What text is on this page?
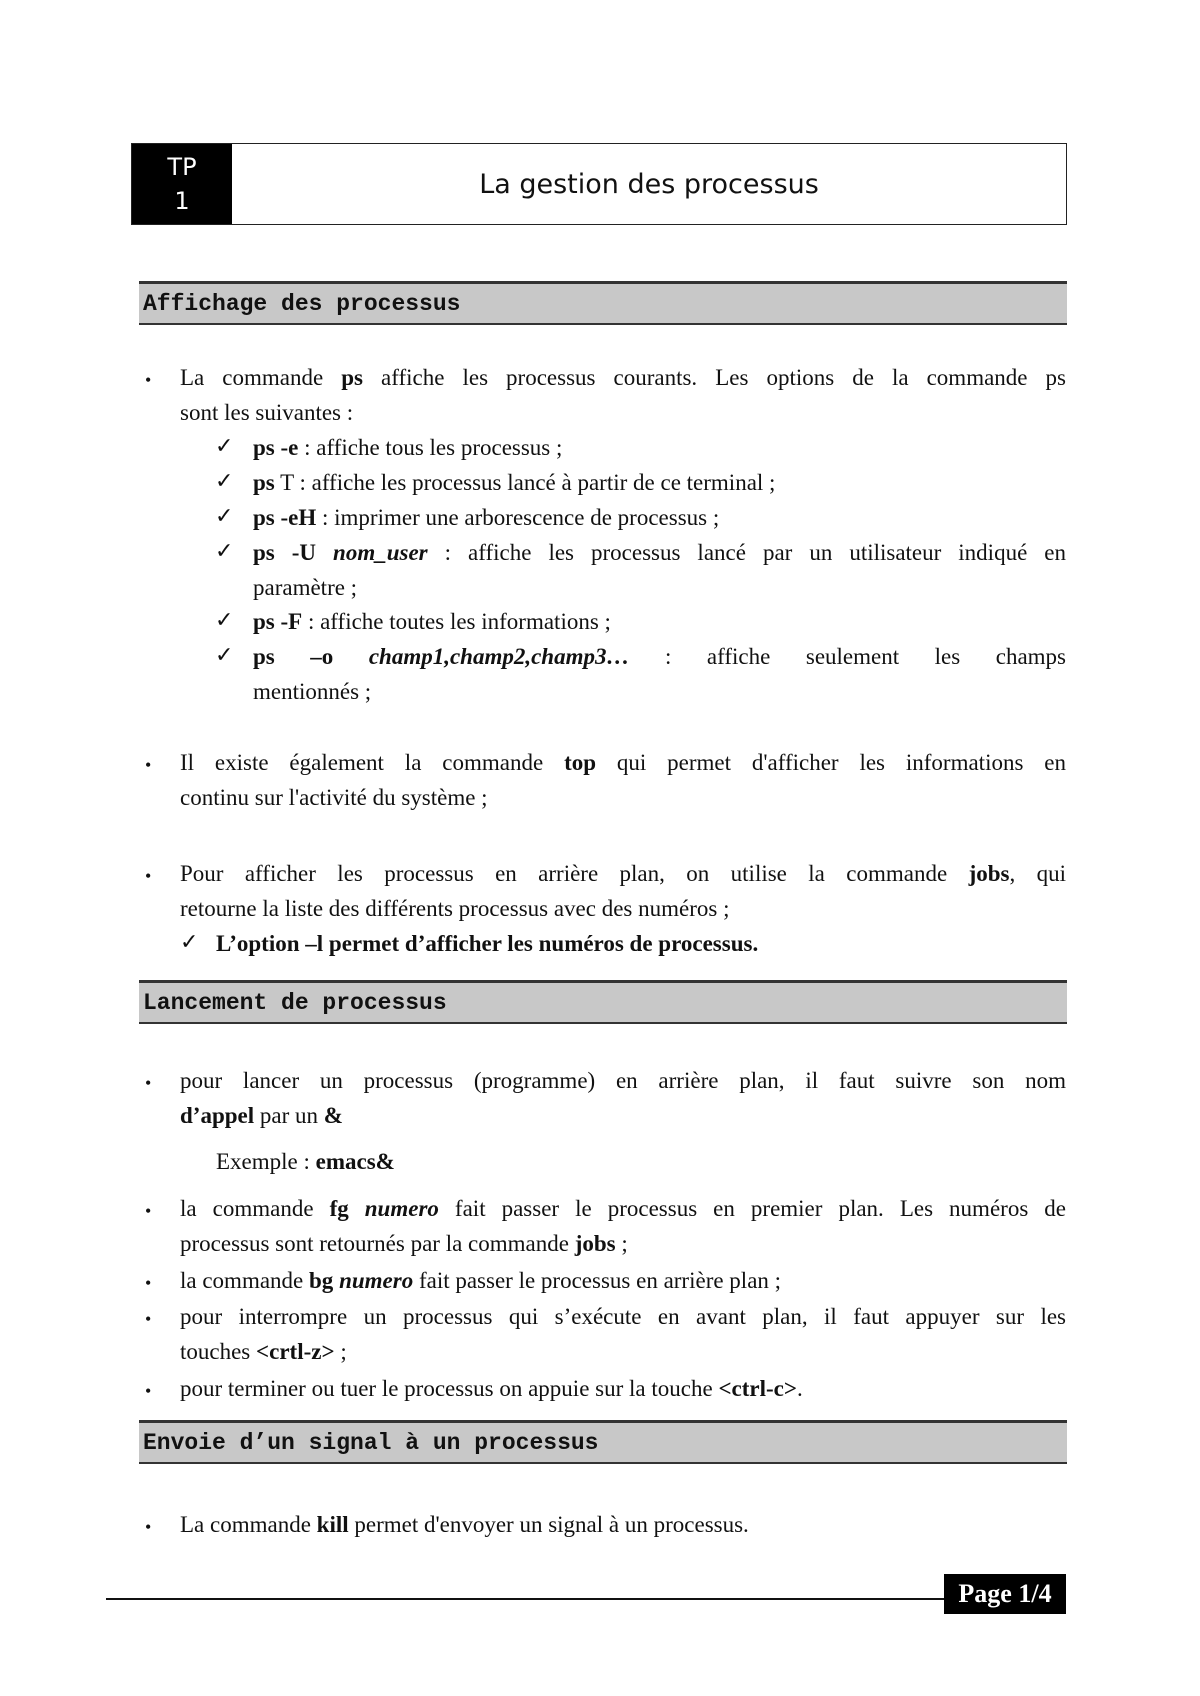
TP
1
La gestion des processus
Affichage des processus
• La commande ps affiche les processus courants. Les options de la commande ps
sont les suivantes :
✓ ps -e : affiche tous les processus ;
✓ ps T : affiche les processus lancé à partir de ce terminal ;
✓ ps -eH : imprimer une arborescence de processus ;
✓ ps -U nom_user : affiche les processus lancé par un utilisateur indiqué en
paramètre ;
✓ ps -F : affiche toutes les informations ;
✓ ps –o champ1,champ2,champ3… : affiche seulement les champs
mentionnés ;
• Il existe également la commande top qui permet d'afficher les informations en
continu sur l'activité du système ;
• Pour afficher les processus en arrière plan, on utilise la commande jobs, qui
retourne la liste des différents processus avec des numéros ;
✓ L’option –l permet d’afficher les numéros de processus.
Lancement de processus
• pour lancer un processus (programme) en arrière plan, il faut suivre son nom
d’appel par un &
Exemple : emacs&
• la commande fg numero fait passer le processus en premier plan. Les numéros de
processus sont retournés par la commande jobs ;
• la commande bg numero fait passer le processus en arrière plan ;
• pour interrompre un processus qui s’exécute en avant plan, il faut appuyer sur les
touches <crtl-z> ;
• pour terminer ou tuer le processus on appuie sur la touche <ctrl-c>.
Envoie d’un signal à un processus
• La commande kill permet d'envoyer un signal à un processus.
Page 1/4
